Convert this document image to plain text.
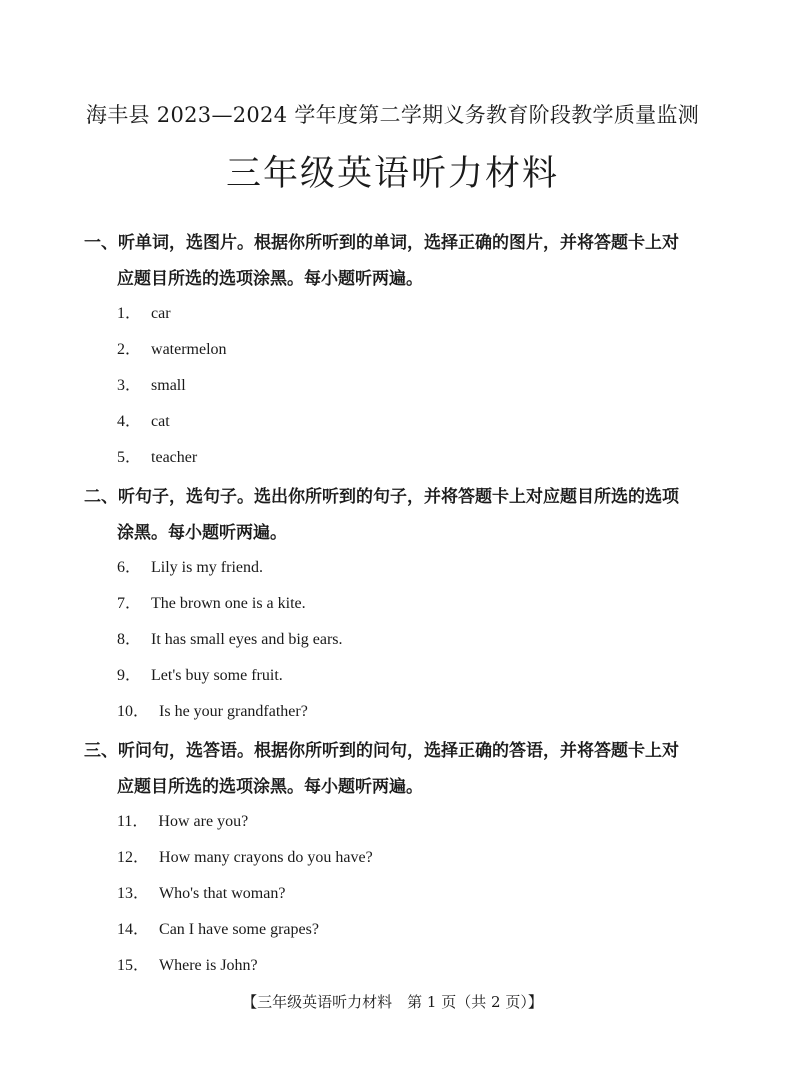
海丰县 2023—2024 学年度第二学期义务教育阶段教学质量监测
三年级英语听力材料
一、听单词，选图片。根据你所听到的单词，选择正确的图片，并将答题卡上对
应题目所选的选项涂黑。每小题听两遍。
1． car
2． watermelon
3． small
4． cat
5． teacher
二、听句子，选句子。选出你所听到的句子，并将答题卡上对应题目所选的选项
涂黑。每小题听两遍。
6． Lily is my friend.
7． The brown one is a kite.
8． It has small eyes and big ears.
9． Let's buy some fruit.
10． Is he your grandfather?
三、听问句，选答语。根据你所听到的问句，选择正确的答语，并将答题卡上对
应题目所选的选项涂黑。每小题听两遍。
11． How are you?
12． How many crayons do you have?
13． Who's that woman?
14． Can I have some grapes?
15． Where is John?
【三年级英语听力材料　第 1 页（共 2 页）】
